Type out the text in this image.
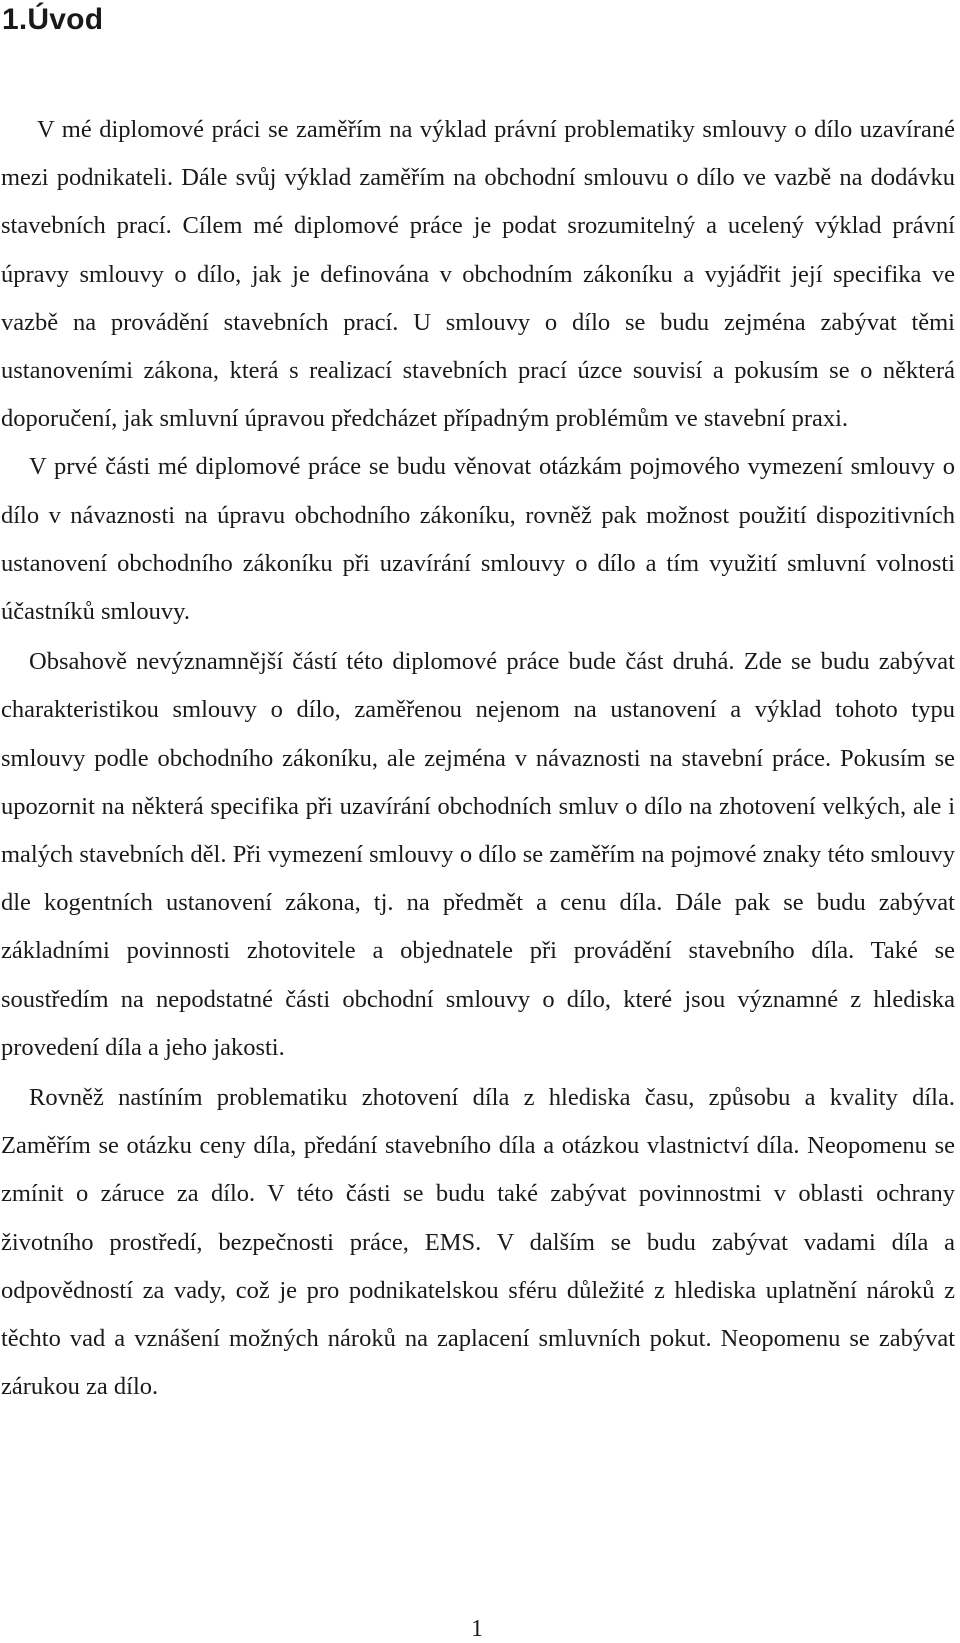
1.Úvod

V mé diplomové práci se zaměřím na výklad právní problematiky smlouvy o dílo uzavírané mezi podnikateli. Dále svůj výklad zaměřím na obchodní smlouvu o dílo ve vazbě na dodávku stavebních prací. Cílem mé diplomové práce je podat srozumitelný a ucelený výklad právní úpravy smlouvy o dílo, jak je definována v obchodním zákoníku a vyjádřit její specifika ve vazbě na provádění stavebních prací. U smlouvy o dílo se budu zejména zabývat těmi ustanoveními zákona, která s realizací stavebních prací úzce souvisí a pokusím se o některá doporučení, jak smluvní úpravou předcházet případným problémům ve stavební praxi.

V prvé části mé diplomové práce se budu věnovat otázkám pojmového vymezení smlouvy o dílo v návaznosti na úpravu obchodního zákoníku, rovněž pak možnost použití dispozitivních ustanovení obchodního zákoníku při uzavírání smlouvy o dílo a tím využití smluvní volnosti účastníků smlouvy.

Obsahově nevýznamnější částí této diplomové práce bude část druhá. Zde se budu zabývat charakteristikou smlouvy o dílo, zaměřenou nejenom na ustanovení a výklad tohoto typu smlouvy podle obchodního zákoníku, ale zejména v návaznosti na stavební práce. Pokusím se upozornit na některá specifika při uzavírání obchodních smluv o dílo na zhotovení velkých, ale i malých stavebních děl. Při vymezení smlouvy o dílo se zaměřím na pojmové znaky této smlouvy dle kogentních ustanovení zákona, tj. na předmět a cenu díla. Dále pak se budu zabývat základními povinnosti zhotovitele a objednatele při provádění stavebního díla. Také se soustředím na nepodstatné části obchodní smlouvy o dílo, které jsou významné z hlediska provedení díla a jeho jakosti.

Rovněž nastíním problematiku zhotovení díla z hlediska času, způsobu a kvality díla. Zaměřím se otázku ceny díla, předání stavebního díla a otázkou vlastnictví díla. Neopomenu se zmínit o záruce za dílo. V této části se budu také zabývat povinnostmi v oblasti ochrany životního prostředí, bezpečnosti práce, EMS. V dalším se budu zabývat vadami díla a odpovědností za vady, což je pro podnikatelskou sféru důležité z hlediska uplatnění nároků z těchto vad a vznášení možných nároků na zaplacení smluvních pokut. Neopomenu se zabývat zárukou za dílo.

1
